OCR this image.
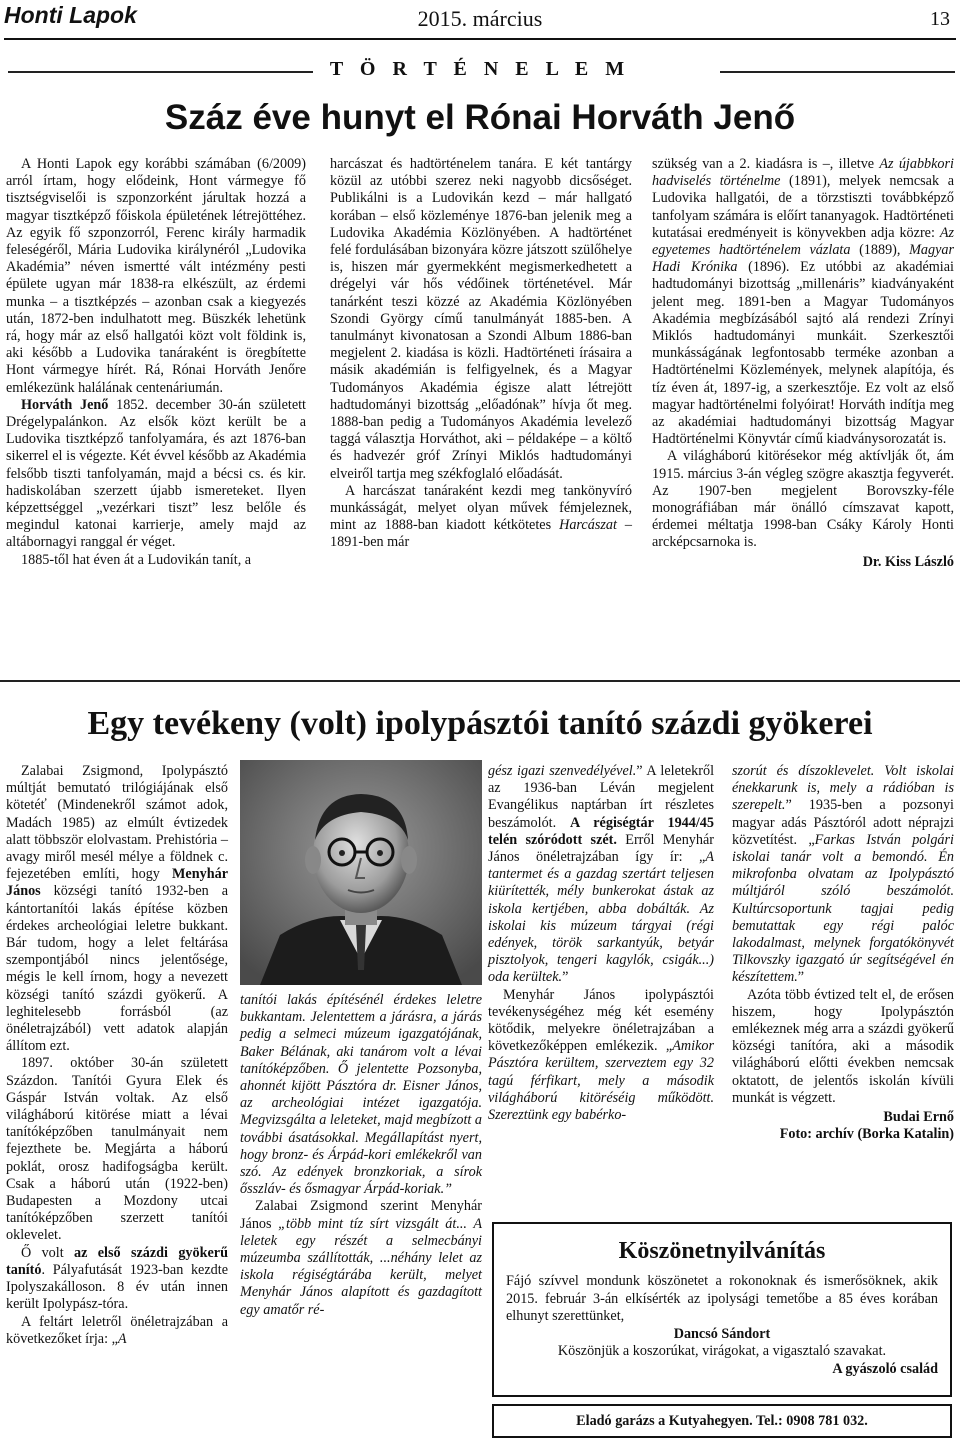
Honti Lapok	2015. március	13
T Ö R T É N E L E M
Száz éve hunyt el Rónai Horváth Jenő

A Honti Lapok egy korábbi számában (6/2009) arról írtam, hogy elődeink, Hont vármegye fő tisztségviselői is szponzorként járultak hozzá a magyar tisztképző főiskola épületének létrejöttéhez. Az egyik fő szponzorról, Ferenc király harmadik feleségéről, Mária Ludovika királynéról „Ludovika Akadémia” néven ismertté vált intézmény pesti épülete ugyan már 1838-ra elkészült, az érdemi munka – a tisztképzés – azonban csak a kiegyezés után, 1872-ben indulhatott meg. Büszkék lehetünk rá, hogy már az első hallgatói közt volt földink is, aki később a Ludovika tanáraként is öregbítette Hont vármegye hírét. Rá, Rónai Horváth Jenőre emlékezünk halálának centenáriumán.

Horváth Jenő 1852. december 30-án született Drégelypalánkon. Az elsők közt került be a Ludovika tisztképző tanfolyamára, és azt 1876-ban sikerrel el is végezte. Két évvel később az Akadémia felsőbb tiszti tanfolyamán, majd a bécsi cs. és kir. hadiskolában szerzett újabb ismereteket. Ilyen képzettséggel „vezérkari tiszt” lesz belőle és megindul katonai karrierje, amely majd az altábornagyi ranggal ér véget.

1885-től hat éven át a Ludovikán tanít, a

harcászat és hadtörténelem tanára. E két tantárgy közül az utóbbi szerez neki nagyobb dicsőséget. Publikálni is a Ludovikán kezd – már hallgató korában – első közleménye 1876-ban jelenik meg a Ludovika Akadémia Közlönyében. A hadtörténet felé fordulásában bizonyára közre játszott szülőhelye is, hiszen már gyermekként megismerkedhetett a drégelyi vár hős védőinek történetével. Már tanárként teszi közzé az Akadémia Közlönyében Szondi György című tanulmányát 1885-ben. A tanulmányt kivonatosan a Szondi Album 1886-ban megjelent 2. kiadása is közli. Hadtörténeti írásaira a másik akadémián is felfigyelnek, és a Magyar Tudományos Akadémia égisze alatt létrejött hadtudományi bizottság „előadónak” hívja őt meg. 1888-ban pedig a Tudományos Akadémia levelező taggá választja Horváthot, aki – példaképe – a költő és hadvezér gróf Zrínyi Miklós hadtudományi elveiről tartja meg székfoglaló előadását.

A harcászat tanáraként kezdi meg tankönyvíró munkásságát, melyet olyan művek fémjeleznek, mint az 1888-ban kiadott kétkötetes Harcászat – 1891-ben már

szükség van a 2. kiadásra is –, illetve Az újabbkori hadviselés történelme (1891), melyek nemcsak a Ludovika hallgatói, de a törzstiszti továbbképző tanfolyam számára is előírt tananyagok. Hadtörténeti kutatásai eredményeit is könyvekben adja közre: Az egyetemes hadtörténelem vázlata (1889), Magyar Hadi Krónika (1896). Ez utóbbi az akadémiai hadtudományi bizottság „millenáris” kiadványaként jelent meg. 1891-ben a Magyar Tudományos Akadémia megbízásából sajtó alá rendezi Zrínyi Miklós hadtudományi munkáit. Szerkesztői munkásságának legfontosabb terméke azonban a Hadtörténelmi Közlemények, melynek alapítója, és tíz éven át, 1897-ig, a szerkesztője. Ez volt az első magyar hadtörténelmi folyóirat! Horváth indítja meg az akadémiai hadtudományi bizottság Magyar Hadtörténelmi Könyvtár című kiadványsorozatát is.

A világháború kitörésekor még aktívlják őt, ám 1915. március 3-án végleg szögre akasztja fegyverét. Az 1907-ben megjelent Borovszky-féle monográfiában már önálló címszavat kapott, érdemei méltatja 1998-ban Csáky Károly Honti arcképcsarnoka is.

Dr. Kiss László
Egy tevékeny (volt) ipolypásztói tanító százdi gyökerei

Zalabai Zsigmond, Ipolypásztó múltját bemutató trilógiájának első kötetéť (Mindenekről számot adok, Madách 1985) az elmúlt évtizedek alatt többször elolvastam. Prehistória – avagy miről mesél mélye a földnek c. fejezetében említi, hogy Menyhár János községi tanító 1932-ben a kántortanítói lakás építése közben érdekes archeológiai leletre bukkant. Bár tudom, hogy a lelet feltárása szempontjából nincs jelentősége, mégis le kell írnom, hogy a nevezett községi tanító százdi gyökerű. A leghitelesebb forrásból (az önéletrajzából) vett adatok alapján állítom ezt.

1897. október 30-án született Százdon. Tanítói Gyura Elek és Gáspár István voltak. Az első világháború kitörése miatt a lévai tanítóképzőben tanulmányait nem fejezthete be. Megjárta a háború poklát, orosz hadifogságba került. Csak a háború után (1922-ben) Budapesten a Mozdony utcai tanítóképzőben szerzett tanítói oklevelet.

Ő volt az első százdi gyökerű tanító. Pályafutását 1923-ban kezdte Ipolyszakálloson. 8 év után innen került Ipolypász-tóra.

A feltárt leletről önéletrajzában a következőket írja: „A

tanítói lakás építésénél érdekes leletre bukkantam. Jelentettem a járásra, a járás pedig a selmeci múzeum igazgatójának, Baker Bélának, aki tanárom volt a lévai tanítóképzőben. Ő jelentette Pozsonyba, ahonnét kijött Pásztóra dr. Eisner János, az archeológiai intézet igazgatója. Megvizsgálta a leleteket, majd megbízott a további ásatásokkal. Megállapítást nyert, hogy bronz- és Árpád-kori emlékekről van szó. Az edények bronzkoriak, a sírok ősszláv- és ősmagyar Árpád-koriak.”

Zalabai Zsigmond szerint Menyhár János „több mint tíz sírt vizsgált át... A leletek egy részét a selmecbányi múzeumba szállították, ...néhány lelet az iskola régiségtárába került, melyet Menyhár János alapított és gazdagított egy amatőr ré-

gész igazi szenvedélyével.” A leletekről az 1936-ban Léván megjelent Evangélikus naptárban írt részletes beszámolót. A régiségtár 1944/45 telén szóródott szét. Erről Menyhár János önéletrajzában így ír: „A tantermet és a gazdag szertárt teljesen kiürítették, mély bunkerokat ástak az iskola kertjében, abba dobálták. Az iskolai kis múzeum tárgyai (régi edények, török sarkantyúk, betyár pisztolyok, tengeri kagylók, csigák...) oda kerültek.”

Menyhár János ipolypásztói tevékenységéhez még két esemény kötődik, melyekre önéletrajzában a következőképpen emlékezik. „Amikor Pásztóra kerültem, szerveztem egy 32 tagú férfikart, mely a második világháború kitöréséig működött. Szereztünk egy babérko-

szorút és díszoklevelet. Volt iskolai énekkarunk is, mely a rádióban is szerepelt.” 1935-ben a pozsonyi magyar adás Pásztóról adott néprajzi közvetítést. „Farkas István polgári iskolai tanár volt a bemondó. Én mikrofonba olvatam az Ipolypásztó múltjáról szóló beszámolót. Kultúrcsoportunk tagjai pedig bemutattak egy régi palóc lakodalmast, melynek forgatókönyvét Tilkovszky igazgató úr segítségével én készítettem.”

Azóta több évtized telt el, de erősen hiszem, hogy Ipolypásztón emlékeznek még arra a százdi gyökerű községi tanítóra, aki a második világháború előtti években nemcsak oktatott, de jelentős iskolán kívüli munkát is végzett.

Budai Ernő
Foto: archív (Borka Katalin)
Köszönetnyilvánítás

Fájó szívvel mondunk köszönetet a rokonoknak és ismerősöknek, akik 2015. február 3-án elkísérték az ipolysági temetőbe a 85 éves korában elhunyt szerettünket,

Dancsó Sándort

Köszönjük a koszorúkat, virágokat, a vigasztaló szavakat.

A gyászoló család

Eladó garázs a Kutyahegyen. Tel.: 0908 781 032.
